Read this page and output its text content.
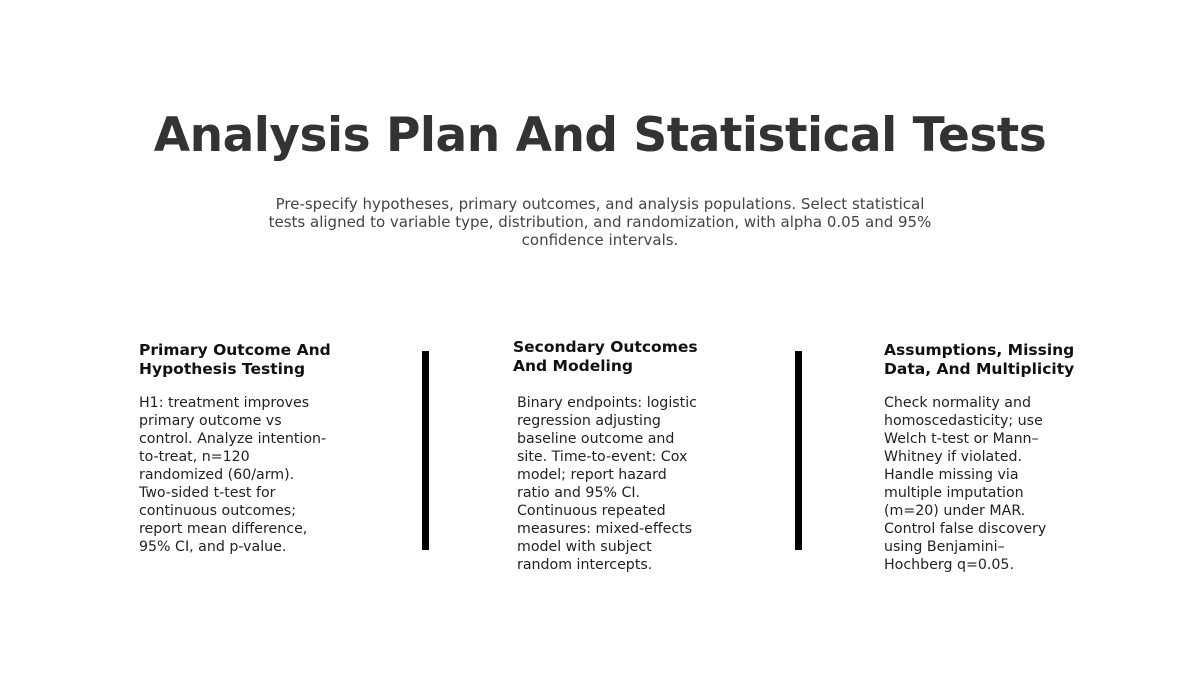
Analysis Plan And Statistical Tests

Pre-specify hypotheses, primary outcomes, and analysis populations. Select statistical tests aligned to variable type, distribution, and randomization, with alpha 0.05 and 95% confidence intervals.

Primary Outcome And
Hypothesis Testing

H1: treatment improves
primary outcome vs
control. Analyze intention-
to-treat, n=120
randomized (60/arm).
Two-sided t-test for
continuous outcomes;
report mean difference,
95% CI, and p-value.

Secondary Outcomes
And Modeling

Binary endpoints: logistic
regression adjusting
baseline outcome and
site. Time-to-event: Cox
model; report hazard
ratio and 95% CI.
Continuous repeated
measures: mixed-effects
model with subject
random intercepts.

Assumptions, Missing
Data, And Multiplicity

Check normality and
homoscedasticity; use
Welch t-test or Mann–
Whitney if violated.
Handle missing via
multiple imputation
(m=20) under MAR.
Control false discovery
using Benjamini–
Hochberg q=0.05.
